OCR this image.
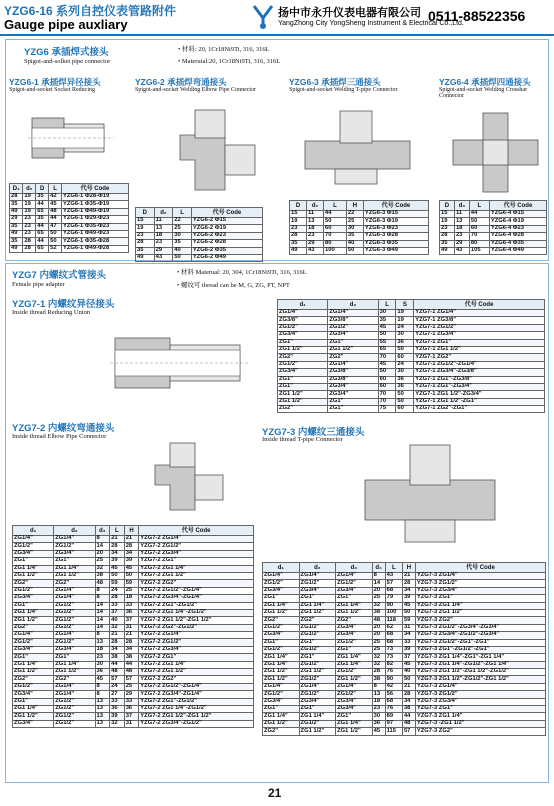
YZG6-16 系列自控仪表管路附件
Gauge pipe auxliary
扬中市永升仪表电器有限公司
YangZhong City YongSheng Instrument & Electrical Co.,Ltd.
0511-88522356
YZG6 承插焊式接头
Spigot-and-solket pipe connector
• 材料: 20, 1Cr18Ni9Ti, 316, 316L
• Materuial:20, 1Cr18Ni9Ti, 316, 316L
YZG6-1 承插焊异径接头
Spigot-and-socket Socket Reducing
D₁	d₀	D	L	代号 Code
28	19	35	42	YZG6-1 Φ28-Φ19
35	19	44	45	YZG6-1 Φ35-Φ19
49	19	65	48	YZG6-1 Φ49-Φ19
29	23	35	44	YZG6-1 Φ29-Φ23
35	23	44	47	YZG6-1 Φ35-Φ23
49	23	65	50	YZG6-1 Φ49-Φ23
35	28	44	50	YZG6-1 Φ35-Φ28
49	28	65	52	YZG6-1 Φ49-Φ28
YZG6-2 承插焊弯通接头
Spigot-and-socket Welding Elbow Pipe Connector
D	d₀	L	代号 Code
15	11	22	YZG6-2 Φ15
19	13	25	YZG6-2 Φ19
23	18	30	YZG6-2 Φ23
28	23	35	YZG6-2 Φ28
35	29	40	YZG6-2 Φ35
49	43	50	YZG6-2 Φ49
YZG6-3 承插焊三通接头
Spigot-and-socket Welding T-pipe Connector
D	d₀	L	H	代号 Code
15	11	44	22	YZG6-3 Φ15
19	13	50	25	YZG6-3 Φ19
23	18	60	30	YZG6-3 Φ23
28	23	70	35	YZG6-3 Φ28
35	29	80	40	YZG6-3 Φ35
49	43	100	50	YZG6-3 Φ49
YZG6-4 承插焊四通接头
Spigot-and-socket Welding Crosshar Connector
D	d₀	L	代号 Code
15	11	44	YZG6-4 Φ15
19	13	50	YZG6-4 Φ19
23	18	60	YZG6-4 Φ23
28	23	70	YZG6-4 Φ28
35	29	80	YZG6-4 Φ35
49	43	105	YZG6-4 Φ49
YZG7 内螺纹式管接头
Female pipe adapter
• 材料 Materual: 20, 304, 1Cr18Ni9Ti, 316, 316L
• 螺纹可 thread can be M, G, ZG, PT, NPT
YZG7-1 内螺纹异径接头
Inside thread Reducing Union
d₁	d₂	L	S	代号 Code
ZG1/4"	ZG1/4"	30	19	YZG7-1 ZG1/4"
ZG3/8"	ZG3/8"	35	19	YZG7-1 ZG3/8"
ZG1/2"	ZG1/2"	45	24	YZG7-1 ZG1/2"
ZG3/4"	ZG3/4"	50	30	YZG7-1 ZG3/4"
ZG1"	ZG1"	55	36	YZG7-1 ZG1"
ZG1 1/2"	ZG1 1/2"	65	50	YZG7-1 ZG1 1/2"
ZG2"	ZG2"	70	60	YZG7-1 ZG2"
ZG1/2"	ZG1/4"	45	24	YZG7-1 ZG1/2"-ZG1/4"
ZG3/4"	ZG3/8"	50	30	YZG7-1 ZG3/4"-ZG3/8"
ZG1"	ZG3/8"	60	36	YZG7-1 ZG1"-ZG3/8"
ZG1"	ZG3/4"	60	36	YZG7-1 ZG1"-ZG3/4"
ZG1 1/2"	ZG3/4"	70	50	YZG7-1 ZG1 1/2"-ZG3/4"
ZG1 1/2"	ZG1"	70	50	YZG7-1 ZG1 1/2"-ZG1"
ZG2"	ZG1"	75	60	YZG7-1 ZG2"-ZG1"
YZG7-2 内螺纹弯通接头
Inside thread Elbow Pipe Connector
d₁	d₂	d₃	L	H	代号 Code
ZG1/4"	ZG1/4"	8	21	21	YZG7-2 ZG1/4"
ZG1/2"	ZG1/2"	14	28	28	YZG7-2 ZG1/2"
ZG3/4"	ZG3/4"	20	34	34	YZG7-2 ZG3/4"
ZG1"	ZG1"	25	39	39	YZG7-2 ZG1"
ZG1 1/4"	ZG1 1/4"	32	45	45	YZG7-2 ZG1 1/4"
ZG1 1/2"	ZG1 1/2"	38	50	50	YZG7-2 ZG1 1/2"
ZG2"	ZG2"	48	59	59	YZG7-2 ZG2"
ZG1/2"	ZG1/4"	8	24	25	YZG7-2 ZG1/2"-ZG1/4"
ZG3/4"	ZG1/4"	8	28	18	YZG7-2 ZG3/4"-ZG1/4"
ZG1"	ZG1/2"	14	33	33	YZG7-2 ZG1"-ZG1/2"
ZG1 1/4"	ZG1/2"	14	37	36	YZG7-2 ZG1 1/4"-ZG1/2"
ZG1 1/2"	ZG1/2"	14	40	37	YZG7-2 ZG1 1/2"-ZG1 1/2"
ZG2"	ZG1/2"	14	32	31	YZG7-2 ZG2"-ZG1/2"
ZG1/4"	ZG1/4"	8	21	21	YZG7-2 ZG1/4"
ZG1/2"	ZG1/2"	13	28	28	YZG7-2 ZG1/2"
ZG3/4"	ZG3/4"	18	34	34	YZG7-2 ZG3/4"
ZG1"	ZG1"	23	38	38	YZG7-2 ZG1"
ZG1 1/4"	ZG1 1/4"	30	44	44	YZG7-2 ZG1 1/4"
ZG1 1/2"	ZG1 1/2"	36	48	48	YZG7-2 ZG1 1/2"
ZG2"	ZG2"	45	57	57	YZG7-2 ZG2"
ZG1/2"	ZG1/4"	8	24	25	YZG7-2 ZG1/2"-ZG1/4"
ZG3/4"	ZG1/4"	8	27	29	YZG7-2 ZG3/4"-ZG1/4"
ZG1"	ZG1/2"	13	33	33	YZG7-2 ZG1"-ZG1/2"
ZG1 1/4"	ZG1/2"	13	36	36	YZG7-2 ZG1 1/4"-ZG1/2"
ZG1 1/2"	ZG1/2"	13	39	37	YZG7-2 ZG1 1/2"-ZG1 1/2"
ZG3/4"	ZG1/2"	13	32	31	YZG7-2 ZG3/4"-ZG1/2"
YZG7-3 内螺纹三通接头
Inside thread T-pipe Connector
d₁	d₂	d₃	d₄	L	H	代号 Code
ZG1/4"	ZG1/4"	ZG1/4"	8	43	21	YZG7-3 ZG1/4"
ZG1/2"	ZG1/2"	ZG1/2"	14	57	28	YZG7-3 ZG1/2"
ZG3/4"	ZG3/4"	ZG3/4"	20	68	34	YZG7-3 ZG3/4"
ZG1"	ZG1"	ZG1"	25	79	39	YZG7-3 ZG1"
ZG1 1/4"	ZG1 1/4"	ZG1 1/4"	32	90	45	YZG7-3 ZG1 1/4"
ZG1 1/2"	ZG1 1/2"	ZG1 1/2"	38	100	50	YZG7-3 ZG1 1/2"
ZG2"	ZG2"	ZG2"	48	118	59	YZG7-3 ZG2"
ZG1/2"	ZG1/2"	ZG3/4"	20	62	31	YZG7-3 ZG1/2"-ZG3/4"-ZG3/4"
ZG3/4"	ZG1/2"	ZG3/4"	20	68	34	YZG7-3 ZG3/4"-ZG1/2"-ZG3/4"
ZG1"	ZG1"	ZG1/2"	25	68	33	YZG7-3 ZG1/2"-ZG1"-ZG1"
ZG1/2"	ZG1/2"	ZG1"	25	73	39	YZG7-3 ZG1"-ZG1/2"-ZG1"
ZG1 1/4"	ZG1"	ZG1 1/4"	32	73	37	YZG7-3 ZG1 1/4"-ZG1"-ZG1 1/4"
ZG1 1/4"	ZG1/2"	ZG1 1/4"	32	82	45	YZG7-3 ZG1 1/4"-ZG1/2"-ZG1 1/4"
ZG1 1/2"	ZG1 1/2"	ZG1/2"	28	76	40	YZG7-3 ZG1 1/2"-ZG1 1/2"-ZG1/2"
ZG1 1/2"	ZG1/2"	ZG1 1/2"	38	90	50	YZG7-3 ZG1 1/2"-ZG1/2"-ZG1 1/2"
ZG1/4"	ZG1/4"	ZG1/4"	8	42	21	YZG7-3 ZG1/4"
ZG1/2"	ZG1/2"	ZG1/2"	13	56	28	YZG7-3 ZG1/2"
ZG3/4"	ZG3/4"	ZG3/4"	18	68	34	YZG7-3 ZG3/4"
ZG1"	ZG1"	ZG3/4"	23	76	38	YZG7-3 ZG1"
ZG1 1/4"	ZG1 1/4"	ZG1"	30	89	44	YZG7-3 ZG1 1/4"
ZG1 1/2"	ZG1/2"	ZG1 1/4"	36	97	48	YZG7-3 -ZG1 1/2"
ZG2"	ZG1 1/2"	ZG1 1/2"	45	115	57	YZG7-3 ZG2"
21
